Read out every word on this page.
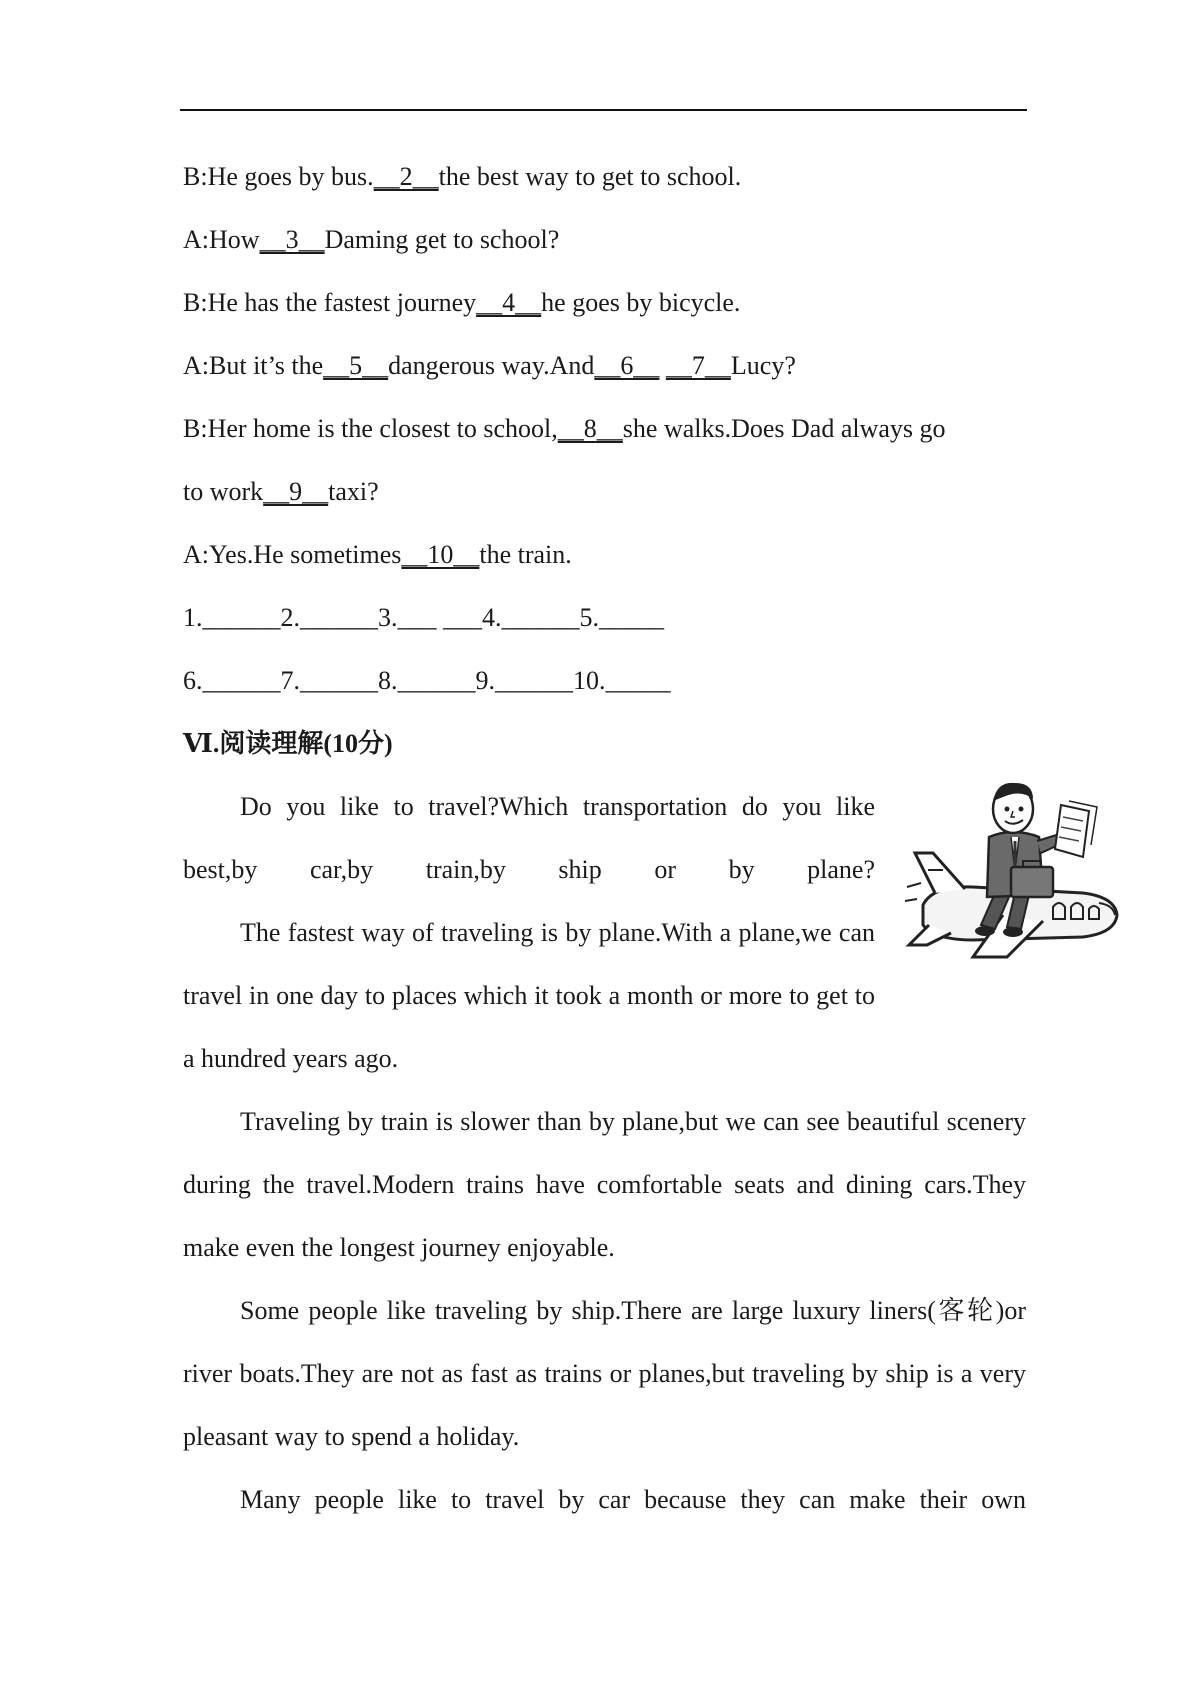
B:He goes by bus.__2__the best way to get to school.
A:How__3__Daming get to school?
B:He has the fastest journey__4__he goes by bicycle.
A:But it’s the__5__dangerous way.And__6__ __7__Lucy?
B:Her home is the closest to school,__8__she walks.Does Dad always go
to work__9__taxi?
A:Yes.He sometimes__10__the train.
1.______2.______3.___ ___4.______5._____
6.______7.______8.______9.______10._____
Ⅵ.阅读理解(10分)

Do you like to travel?Which transportation do you like best,by car,by train,by ship or by plane?

The fastest way of traveling is by plane.With a plane,we can travel in one day to places which it took a month or more to get to a hundred years ago.

Traveling by train is slower than by plane,but we can see beautiful scenery during the travel.Modern trains have comfortable seats and dining cars.They make even the longest journey enjoyable.

Some people like traveling by ship.There are large luxury liners(客轮)or river boats.They are not as fast as trains or planes,but traveling by ship is a very pleasant way to spend a holiday.

Many people like to travel by car because they can make their own
